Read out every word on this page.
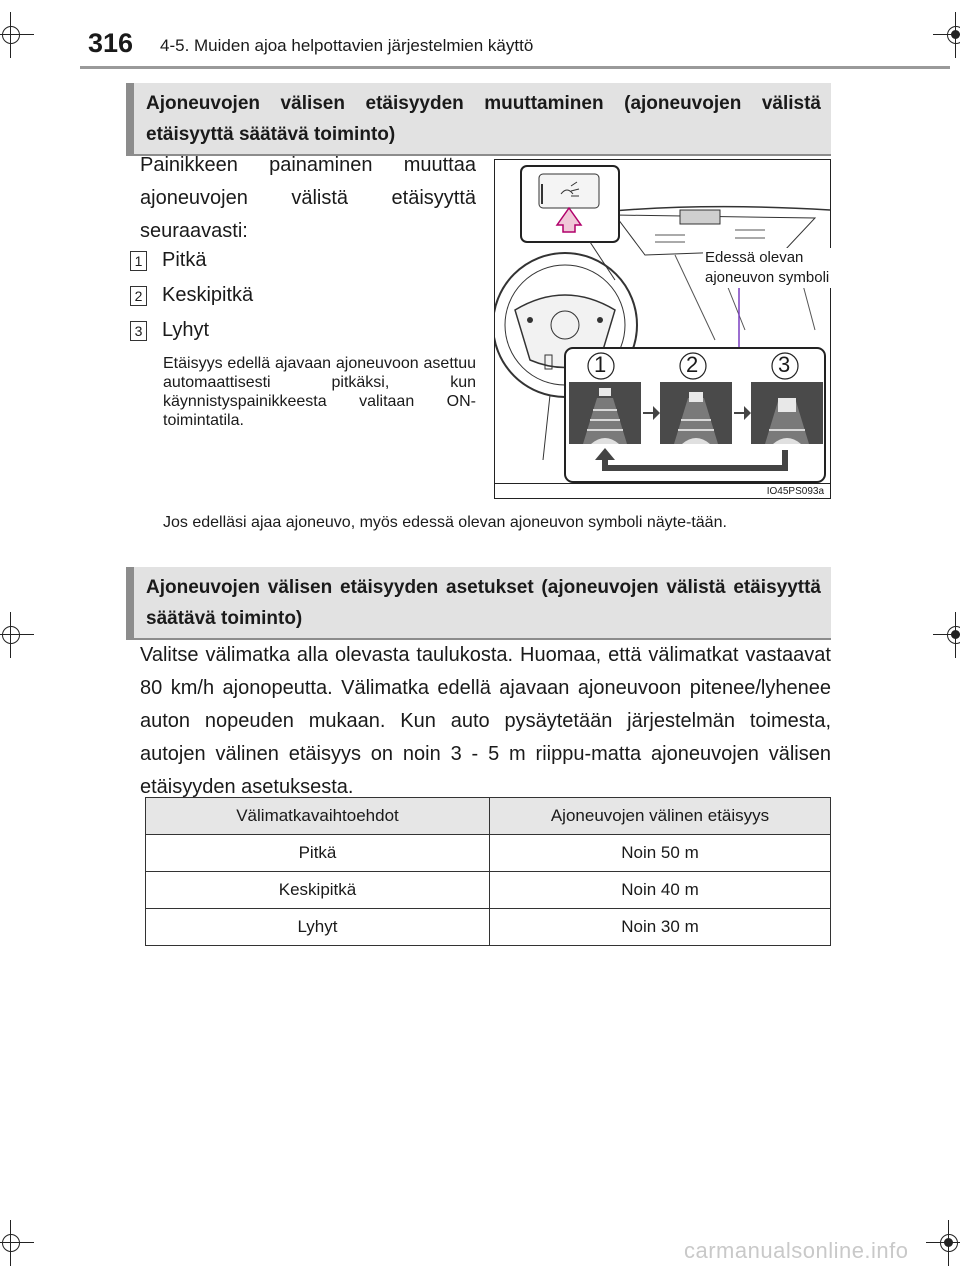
316 4-5. Muiden ajoa helpottavien järjestelmien käyttö
Ajoneuvojen välisen etäisyyden muuttaminen (ajoneuvojen välistä etäisyyttä säätävä toiminto)
Painikkeen painaminen muuttaa ajoneuvojen välistä etäisyyttä seuraavasti:
1 Pitkä
2 Keskipitkä
3 Lyhyt
Etäisyys edellä ajavaan ajoneuvoon asettuu automaattisesti pitkäksi, kun käynnistyspainikkeesta valitaan ON-toimintatila.
Edessä olevan ajoneuvon symboli
1	2	3
IO45PS093a
Jos edelläsi ajaa ajoneuvo, myös edessä olevan ajoneuvon symboli näyte-tään.
Ajoneuvojen välisen etäisyyden asetukset (ajoneuvojen välistä etäisyyttä säätävä toiminto)
Valitse välimatka alla olevasta taulukosta. Huomaa, että välimatkat vastaavat 80 km/h ajonopeutta. Välimatka edellä ajavaan ajoneuvoon pitenee/lyhenee auton nopeuden mukaan. Kun auto pysäytetään järjestelmän toimesta, autojen välinen etäisyys on noin 3 - 5 m riippu-matta ajoneuvojen välisen etäisyyden asetuksesta.
Välimatkavaihtoehdot	Ajoneuvojen välinen etäisyys
Pitkä	Noin 50 m
Keskipitkä	Noin 40 m
Lyhyt	Noin 30 m
carmanualsonline.info
